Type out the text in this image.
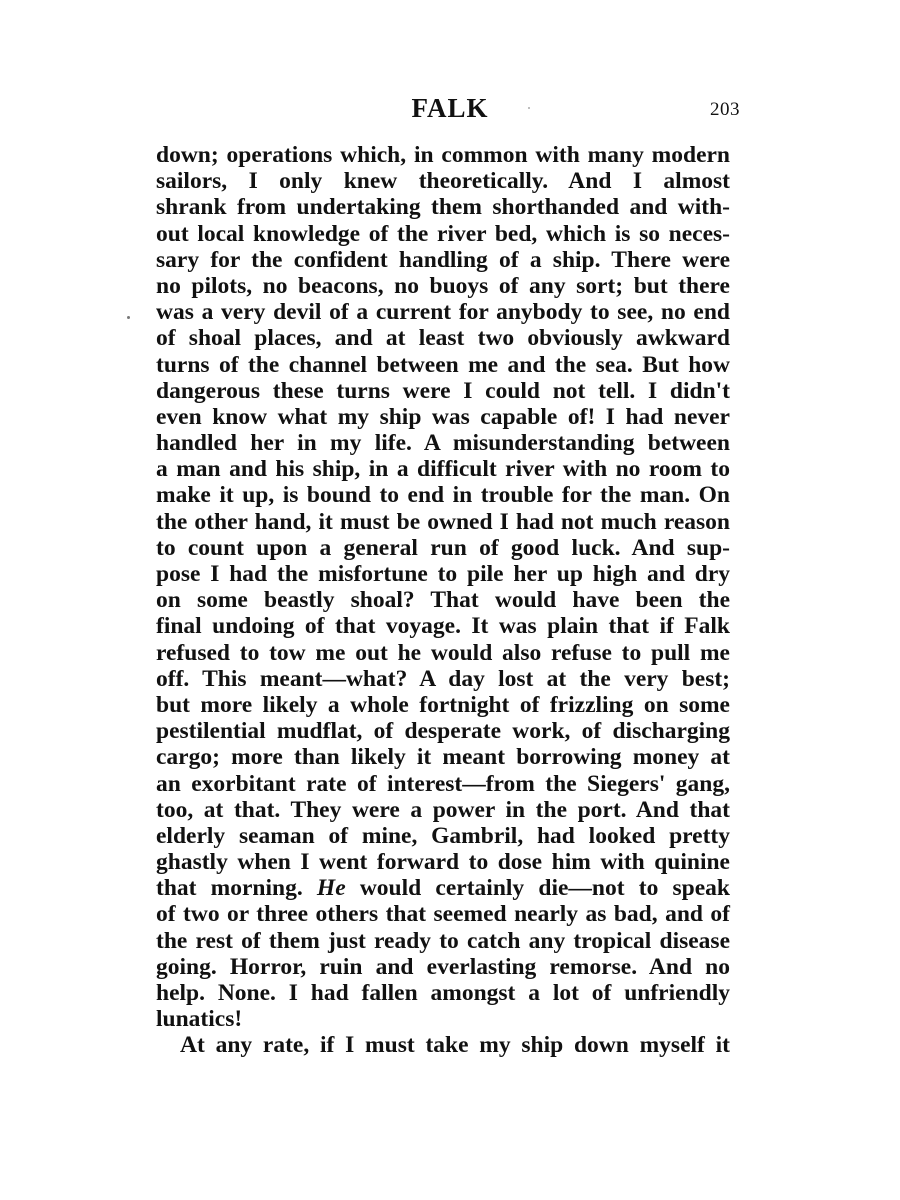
FALK	203
down; operations which, in common with many modern
sailors, I only knew theoretically. And I almost
shrank from undertaking them shorthanded and with-
out local knowledge of the river bed, which is so neces-
sary for the confident handling of a ship. There were
no pilots, no beacons, no buoys of any sort; but there
was a very devil of a current for anybody to see, no end
of shoal places, and at least two obviously awkward
turns of the channel between me and the sea. But how
dangerous these turns were I could not tell. I didn't
even know what my ship was capable of! I had never
handled her in my life. A misunderstanding between
a man and his ship, in a difficult river with no room to
make it up, is bound to end in trouble for the man. On
the other hand, it must be owned I had not much reason
to count upon a general run of good luck. And sup-
pose I had the misfortune to pile her up high and dry
on some beastly shoal? That would have been the
final undoing of that voyage. It was plain that if Falk
refused to tow me out he would also refuse to pull me
off. This meant—what? A day lost at the very best;
but more likely a whole fortnight of frizzling on some
pestilential mudflat, of desperate work, of discharging
cargo; more than likely it meant borrowing money at
an exorbitant rate of interest—from the Siegers' gang,
too, at that. They were a power in the port. And that
elderly seaman of mine, Gambril, had looked pretty
ghastly when I went forward to dose him with quinine
that morning. He would certainly die—not to speak
of two or three others that seemed nearly as bad, and of
the rest of them just ready to catch any tropical disease
going. Horror, ruin and everlasting remorse. And no
help. None. I had fallen amongst a lot of unfriendly
lunatics!
At any rate, if I must take my ship down myself it
